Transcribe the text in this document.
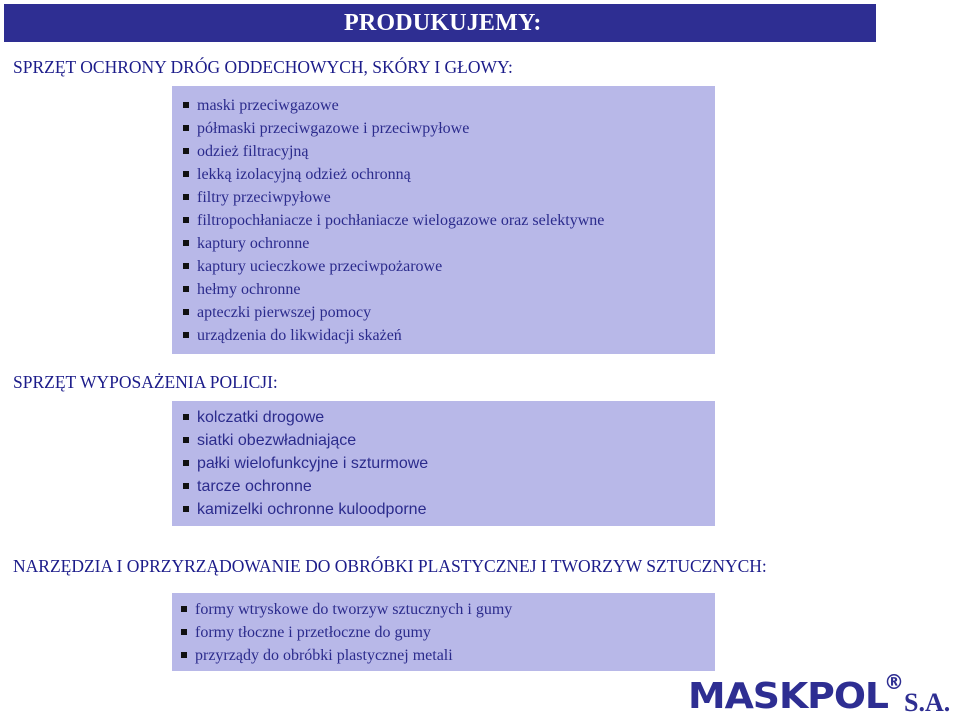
PRODUKUJEMY:
SPRZĘT OCHRONY DRÓG ODDECHOWYCH, SKÓRY I GŁOWY:
maski przeciwgazowe
półmaski przeciwgazowe i przeciwpyłowe
odzież filtracyjną
lekką izolacyjną odzież ochronną
filtry przeciwpyłowe
filtropochłaniacze i pochłaniacze wielogazowe oraz selektywne
kaptury ochronne
kaptury ucieczkowe przeciwpożarowe
hełmy ochronne
apteczki pierwszej pomocy
urządzenia do likwidacji skażeń
SPRZĘT WYPOSAŻENIA POLICJI:
kolczatki drogowe
siatki obezwładniające
pałki wielofunkcyjne i szturmowe
tarcze ochronne
kamizelki ochronne kuloodporne
NARZĘDZIA I OPRZYRZĄDOWANIE DO OBRÓBKI PLASTYCZNEJ I TWORZYW SZTUCZNYCH:
formy wtryskowe do tworzyw sztucznych i gumy
formy tłoczne i przetłoczne do gumy
przyrządy do obróbki plastycznej metali
MASKPOL
®
S.A.
